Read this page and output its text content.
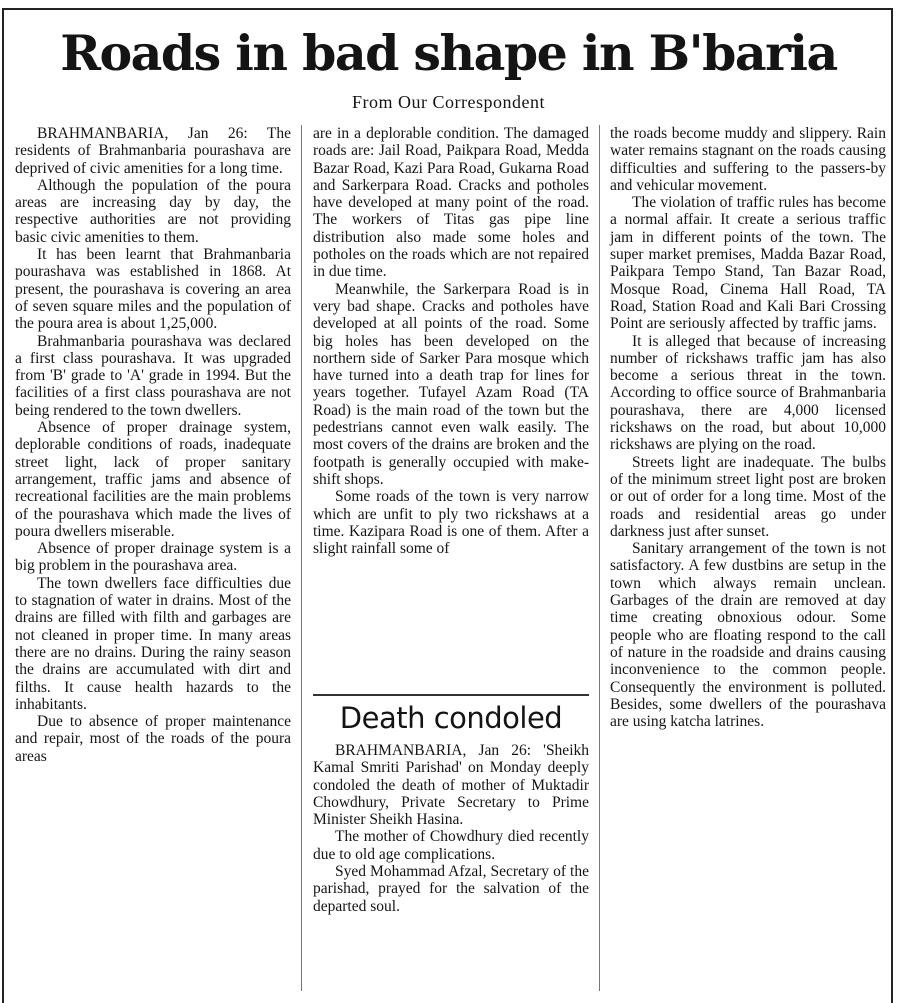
Roads in bad shape in B'baria
From Our Correspondent

BRAHMANBARIA, Jan 26: The residents of Brahmanbaria pourashava are deprived of civic amenities for a long time.

Although the population of the poura areas are increasing day by day, the respective authorities are not providing basic civic amenities to them.

It has been learnt that Brahmanbaria pourashava was established in 1868. At present, the pourashava is covering an area of seven square miles and the population of the poura area is about 1,25,000.

Brahmanbaria pourashava was declared a first class pourashava. It was upgraded from 'B' grade to 'A' grade in 1994. But the facilities of a first class pourashava are not being rendered to the town dwellers.

Absence of proper drainage system, deplorable conditions of roads, inadequate street light, lack of proper sanitary arrangement, traffic jams and absence of recreational facilities are the main problems of the pourashava which made the lives of poura dwellers miserable.

Absence of proper drainage system is a big problem in the pourashava area.

The town dwellers face difficulties due to stagnation of water in drains. Most of the drains are filled with filth and garbages are not cleaned in proper time. In many areas there are no drains. During the rainy season the drains are accumulated with dirt and filths. It cause health hazards to the inhabitants.

Due to absence of proper maintenance and repair, most of the roads of the poura areas

are in a deplorable condition. The damaged roads are: Jail Road, Paikpara Road, Medda Bazar Road, Kazi Para Road, Gukarna Road and Sarkerpara Road. Cracks and potholes have developed at many point of the road. The workers of Titas gas pipe line distribution also made some holes and potholes on the roads which are not repaired in due time.

Meanwhile, the Sarkerpara Road is in very bad shape. Cracks and potholes have developed at all points of the road. Some big holes has been developed on the northern side of Sarker Para mosque which have turned into a death trap for lines for years together. Tufayel Azam Road (TA Road) is the main road of the town but the pedestrians cannot even walk easily. The most covers of the drains are broken and the footpath is generally occupied with make-shift shops.

Some roads of the town is very narrow which are unfit to ply two rickshaws at a time. Kazipara Road is one of them. After a slight rainfall some of

Death condoled

BRAHMANBARIA, Jan 26: 'Sheikh Kamal Smriti Parishad' on Monday deeply condoled the death of mother of Muktadir Chowdhury, Private Secretary to Prime Minister Sheikh Hasina.

The mother of Chowdhury died recently due to old age complications.

Syed Mohammad Afzal, Secretary of the parishad, prayed for the salvation of the departed soul.

the roads become muddy and slippery. Rain water remains stagnant on the roads causing difficulties and suffering to the passers-by and vehicular movement.

The violation of traffic rules has become a normal affair. It create a serious traffic jam in different points of the town. The super market premises, Madda Bazar Road, Paikpara Tempo Stand, Tan Bazar Road, Mosque Road, Cinema Hall Road, TA Road, Station Road and Kali Bari Crossing Point are seriously affected by traffic jams.

It is alleged that because of increasing number of rickshaws traffic jam has also become a serious threat in the town. According to office source of Brahmanbaria pourashava, there are 4,000 licensed rickshaws on the road, but about 10,000 rickshaws are plying on the road.

Streets light are inadequate. The bulbs of the minimum street light post are broken or out of order for a long time. Most of the roads and residential areas go under darkness just after sunset.

Sanitary arrangement of the town is not satisfactory. A few dustbins are setup in the town which always remain unclean. Garbages of the drain are removed at day time creating obnoxious odour. Some people who are floating respond to the call of nature in the roadside and drains causing inconvenience to the common people. Consequently the environment is polluted. Besides, some dwellers of the pourashava are using katcha latrines.
